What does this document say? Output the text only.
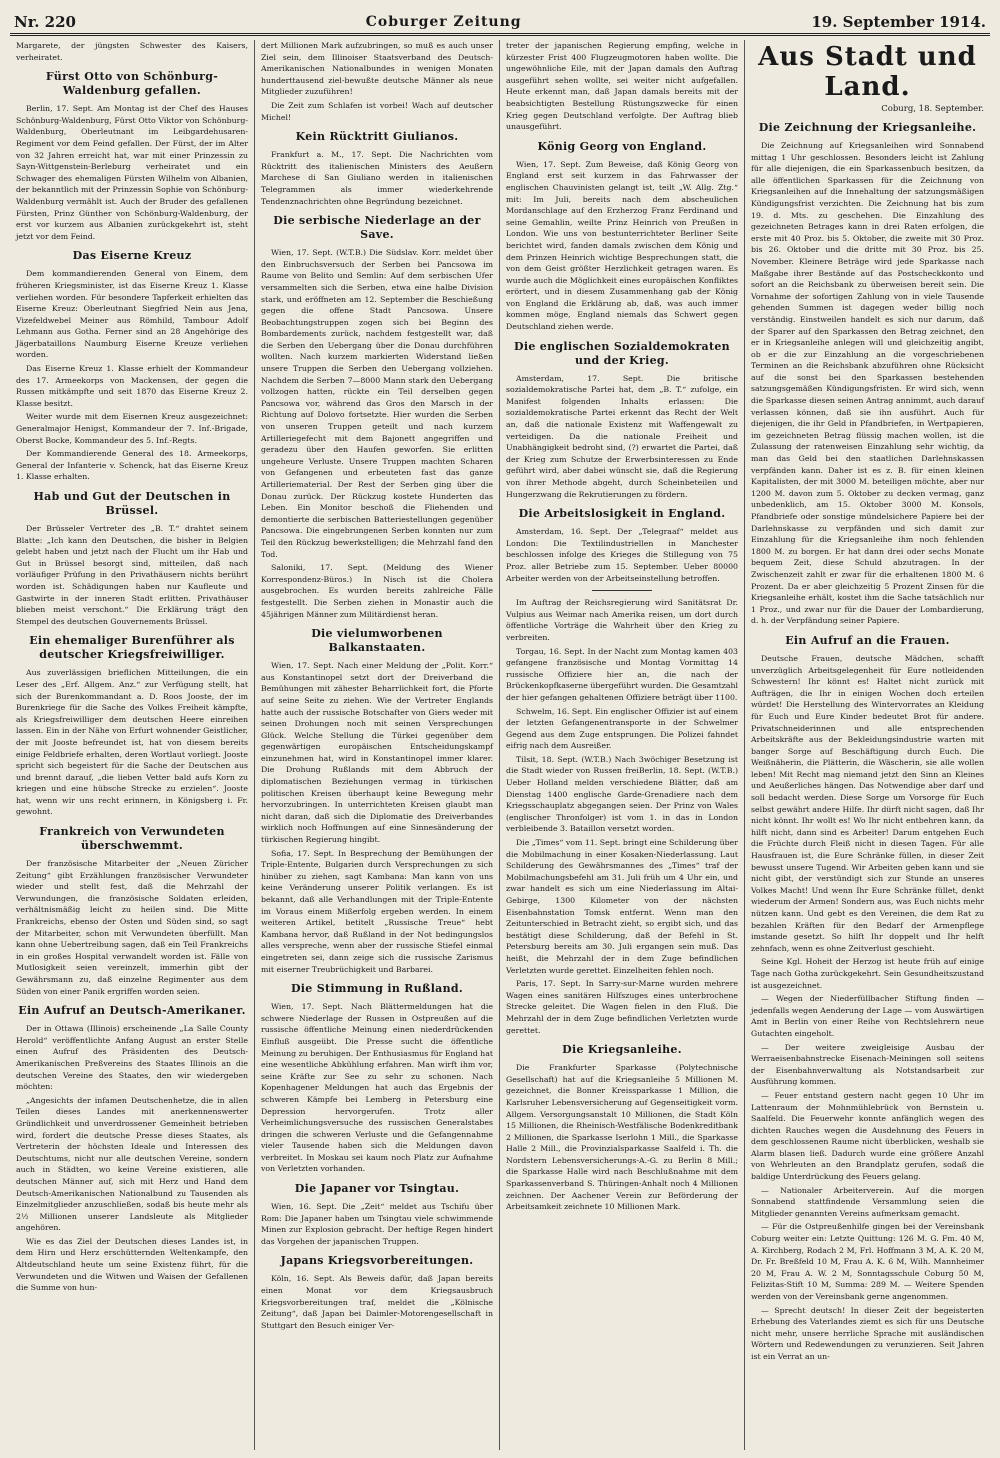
Nr. 220	Coburger Zeitung	19. September 1914.

Margarete, der jüngsten Schwester des Kaisers, verheiratet.

Fürst Otto von Schönburg-Waldenburg gefallen.

Berlin, 17. Sept. Am Montag ist der Chef des Hauses Schönburg-Waldenburg, Fürst Otto Viktor von Schönburg-Waldenburg, Oberleutnant im Leibgardehusaren-Regiment vor dem Feind gefallen. Der Fürst, der im Alter von 32 Jahren erreicht hat, war mit einer Prinzessin zu Sayn-Wittgenstein-Berleburg verheiratet und ein Schwager des ehemaligen Fürsten Wilhelm von Albanien, der bekanntlich mit der Prinzessin Sophie von Schönburg-Waldenburg vermählt ist. Auch der Bruder des gefallenen Fürsten, Prinz Günther von Schönburg-Waldenburg, der erst vor kurzem aus Albanien zurückgekehrt ist, steht jetzt vor dem Feind.

Das Eiserne Kreuz

Dem kommandierenden General von Einem, dem früheren Kriegsminister, ist das Eiserne Kreuz 1. Klasse verliehen worden. Für besondere Tapferkeit erhielten das Eiserne Kreuz: Oberleutnant Siegfried Nein aus Jena, Vizefeldwebel Meiner aus Römhild, Tambour Adolf Lehmann aus Gotha. Ferner sind an 28 Angehörige des Jägerbataillons Naumburg Eiserne Kreuze verliehen worden.

Das Eiserne Kreuz 1. Klasse erhielt der Kommandeur des 17. Armeekorps von Mackensen, der gegen die Russen mitkämpfte und seit 1870 das Eiserne Kreuz 2. Klasse besitzt.

Weiter wurde mit dem Eisernen Kreuz ausgezeichnet: Generalmajor Henigst, Kommandeur der 7. Inf.-Brigade, Oberst Bocke, Kommandeur des 5. Inf.-Regts.

Der Kommandierende General des 18. Armeekorps, General der Infanterie v. Schenck, hat das Eiserne Kreuz 1. Klasse erhalten.

Hab und Gut der Deutschen in Brüssel.

Der Brüsseler Vertreter des „B. T.“ drahtet seinem Blatte: „Ich kann den Deutschen, die bisher in Belgien gelebt haben und jetzt nach der Flucht um ihr Hab und Gut in Brüssel besorgt sind, mitteilen, daß nach vorläufiger Prüfung in den Privathäusern nichts berührt worden ist. Schädigungen haben nur Kaufleute und Gastwirte in der inneren Stadt erlitten. Privathäuser blieben meist verschont.“ Die Erklärung trägt den Stempel des deutschen Gouvernements Brüssel.

Ein ehemaliger Burenführer als deutscher Kriegsfreiwilliger.

Aus zuverlässigen brieflichen Mitteilungen, die ein Leser des „Erf. Allgem. Anz.“ zur Verfügung stellt, hat sich der Burenkommandant a. D. Roos Jooste, der im Burenkriege für die Sache des Volkes Freiheit kämpfte, als Kriegsfreiwilliger dem deutschen Heere einreihen lassen. Ein in der Nähe von Erfurt wohnender Geistlicher, der mit Jooste befreundet ist, hat von diesem bereits einige Feldbriefe erhalten, deren Wortlaut vorliegt. Jooste spricht sich begeistert für die Sache der Deutschen aus und brennt darauf, „die lieben Vetter bald aufs Korn zu kriegen und eine hübsche Strecke zu erzielen“. Jooste hat, wenn wir uns recht erinnern, in Königsberg i. Fr. gewohnt.

Frankreich von Verwundeten überschwemmt.

Der französische Mitarbeiter der „Neuen Züricher Zeitung“ gibt Erzählungen französischer Verwundeter wieder und stellt fest, daß die Mehrzahl der Verwundungen, die französische Soldaten erleiden, verhältnismäßig leicht zu heilen sind. Die Mitte Frankreichs, ebenso der Osten und Süden sind, so sagt der Mitarbeiter, schon mit Verwundeten überfüllt. Man kann ohne Uebertreibung sagen, daß ein Teil Frankreichs in ein großes Hospital verwandelt worden ist. Fälle von Mutlosigkeit seien vereinzelt, immerhin gibt der Gewährsmann zu, daß einzelne Regimenter aus dem Süden von einer Panik ergriffen worden seien.

Ein Aufruf an Deutsch-Amerikaner.

Der in Ottawa (Illinois) erscheinende „La Salle County Herold“ veröffentlichte Anfang August an erster Stelle einen Aufruf des Präsidenten des Deutsch-Amerikanischen Preßvereins des Staates Illinois an die deutschen Vereine des Staates, den wir wiedergeben möchten:

„Angesichts der infamen Deutschenhetze, die in allen Teilen dieses Landes mit anerkennenswerter Gründlichkeit und unverdrossener Gemeinheit betrieben wird, fordert die deutsche Presse dieses Staates, als Vertreterin der höchsten Ideale und Interessen des Deutschtums, nicht nur alle deutschen Vereine, sondern auch in Städten, wo keine Vereine existieren, alle deutschen Männer auf, sich mit Herz und Hand dem Deutsch-Amerikanischen Nationalbund zu Tausenden als Einzelmitglieder anzuschließen, sodaß bis heute mehr als 2½ Millionen unserer Landsleute als Mitglieder angehören.

Wie es das Ziel der Deutschen dieses Landes ist, in dem Hirn und Herz erschütternden Weltenkampfe, den Altdeutschland heute um seine Existenz führt, für die Verwundeten und die Witwen und Waisen der Gefallenen die Summe von hun-

dert Millionen Mark aufzubringen, so muß es auch unser Ziel sein, dem Illinoiser Staatsverband des Deutsch-Amerikanischen Nationalbundes in wenigen Monaten hunderttausend ziel-bewußte deutsche Männer als neue Mitglieder zuzuführen!

Die Zeit zum Schlafen ist vorbei! Wach auf deutscher Michel!

Kein Rücktritt Giulianos.

Frankfurt a. M., 17. Sept. Die Nachrichten vom Rücktritt des italienischen Ministers des Aeußern Marchese di San Giuliano werden in italienischen Telegrammen als immer wiederkehrende Tendenznachrichten ohne Begründung bezeichnet.

Die serbische Niederlage an der Save.

Wien, 17. Sept. (W.T.B.) Die Südslav. Korr. meldet über den Einbruchsversuch der Serben bei Pancsowa im Raume von Belito und Semlin: Auf dem serbischen Ufer versammelten sich die Serben, etwa eine halbe Division stark, und eröffneten am 12. September die Beschießung gegen die offene Stadt Pancsowa. Unsere Beobachtungstruppen zogen sich bei Beginn des Bombardements zurück, nachdem festgestellt war, daß die Serben den Uebergang über die Donau durchführen wollten. Nach kurzem markierten Widerstand ließen unsere Truppen die Serben den Uebergang vollziehen. Nachdem die Serben 7—8000 Mann stark den Uebergang vollzogen hatten, rückte ein Teil derselben gegen Pancsowa vor, während das Gros den Marsch in der Richtung auf Dolovo fortsetzte. Hier wurden die Serben von unseren Truppen geteilt und nach kurzem Artilleriegefecht mit dem Bajonett angegriffen und geradezu über den Haufen geworfen. Sie erlitten ungeheure Verluste. Unsere Truppen machten Scharen von Gefangenen und erbeuteten fast das ganze Artilleriematerial. Der Rest der Serben ging über die Donau zurück. Der Rückzug kostete Hunderten das Leben. Ein Monitor beschoß die Fliehenden und demontierte die serbischen Batteriestellungen gegenüber Pancsowa. Die eingebrungenen Serben konnten nur zum Teil den Rückzug bewerkstelligen; die Mehrzahl fand den Tod.

Saloniki, 17. Sept. (Meldung des Wiener Korrespondenz-Büros.) In Nisch ist die Cholera ausgebrochen. Es wurden bereits zahlreiche Fälle festgestellt. Die Serben ziehen in Monastir auch die 45jährigen Männer zum Militärdienst heran.

Die vielumworbenen Balkanstaaten.

Wien, 17. Sept. Nach einer Meldung der „Polit. Korr.“ aus Konstantinopel setzt dort der Dreiverband die Bemühungen mit zähester Beharrlichkeit fort, die Pforte auf seine Seite zu ziehen. Wie der Vertreter Englands hatte auch der russische Botschafter von Giers weder mit seinen Drohungen noch mit seinen Versprechungen Glück. Welche Stellung die Türkei gegenüber dem gegenwärtigen europäischen Entscheidungskampf einzunehmen hat, wird in Konstantinopel immer klarer. Die Drohung Rußlands mit dem Abbruch der diplomatischen Beziehungen vermag in türkischen politischen Kreisen überhaupt keine Bewegung mehr hervorzubringen. In unterrichteten Kreisen glaubt man nicht daran, daß sich die Diplomatie des Dreiverbandes wirklich noch Hoffnungen auf eine Sinnesänderung der türkischen Regierung hingibt.

Sofia, 17. Sept. In Besprechung der Bemühungen der Triple-Entente, Bulgarien durch Versprechungen zu sich hinüber zu ziehen, sagt Kambana: Man kann von uns keine Veränderung unserer Politik verlangen. Es ist bekannt, daß alle Verhandlungen mit der Triple-Entente im Voraus einem Mißerfolg ergeben werden. In einem weiteren Artikel, betitelt „Russische Treue“ hebt Kambana hervor, daß Rußland in der Not bedingungslos alles verspreche, wenn aber der russische Stiefel einmal eingetreten sei, dann zeige sich die russische Zarismus mit eiserner Treubrüchigkeit und Barbarei.

Die Stimmung in Rußland.

Wien, 17. Sept. Nach Blättermeldungen hat die schwere Niederlage der Russen in Ostpreußen auf die russische öffentliche Meinung einen niederdrückenden Einfluß ausgeübt. Die Presse sucht die öffentliche Meinung zu beruhigen. Der Enthusiasmus für England hat eine wesentliche Abkühlung erfahren. Man wirft ihm vor, seine Kräfte zur See zu sehr zu schonen. Nach Kopenhagener Meldungen hat auch das Ergebnis der schweren Kämpfe bei Lemberg in Petersburg eine Depression hervorgerufen. Trotz aller Verheimlichungsversuche des russischen Generalstabes dringen die schweren Verluste und die Gefangennahme vieler Tausende haben sich die Meldungen davon verbreitet. In Moskau sei kaum noch Platz zur Aufnahme von Verletzten vorhanden.

Die Japaner vor Tsingtau.

Wien, 16. Sept. Die „Zeit“ meldet aus Tschifu über Rom: Die Japaner haben um Tsingtau viele schwimmende Minen zur Explosion gebracht. Der heftige Regen hindert das Vorgehen der japanischen Truppen.

Japans Kriegsvorbereitungen.

Köln, 16. Sept. Als Beweis dafür, daß Japan bereits einen Monat vor dem Kriegsausbruch Kriegsvorbereitungen traf, meldet die „Kölnische Zeitung“, daß Japan bei Daimler-Motorengesellschaft in Stuttgart den Besuch einiger Ver-

treter der japanischen Regierung empfing, welche in kürzester Frist 400 Flugzeugmotoren haben wollte. Die ungewöhnliche Eile, mit der Japan damals den Auftrag ausgeführt sehen wollte, sei weiter nicht aufgefallen. Heute erkennt man, daß Japan damals bereits mit der beabsichtigten Bestellung Rüstungszwecke für einen Krieg gegen Deutschland verfolgte. Der Auftrag blieb unausgeführt.

König Georg von England.

Wien, 17. Sept. Zum Beweise, daß König Georg von England erst seit kurzem in das Fahrwasser der englischen Chauvinisten gelangt ist, teilt „W. Allg. Ztg.“ mit: Im Juli, bereits nach dem abscheulichen Mordanschlage auf den Erzherzog Franz Ferdinand und seine Gemahlin, weilte Prinz Heinrich von Preußen in London. Wie uns von bestunterrichteter Berliner Seite berichtet wird, fanden damals zwischen dem König und dem Prinzen Heinrich wichtige Besprechungen statt, die von dem Geist größter Herzlichkeit getragen waren. Es wurde auch die Möglichkeit eines europäischen Konfliktes erörtert, und in diesem Zusammenhang gab der König von England die Erklärung ab, daß, was auch immer kommen möge, England niemals das Schwert gegen Deutschland ziehen werde.

Die englischen Sozialdemokraten und der Krieg.

Amsterdam, 17. Sept. Die britische sozialdemokratische Partei hat, dem „B. T.“ zufolge, ein Manifest folgenden Inhalts erlassen: Die sozialdemokratische Partei erkennt das Recht der Welt an, daß die nationale Existenz mit Waffengewalt zu verteidigen. Da die nationale Freiheit und Unabhängigkeit bedroht sind, (?) erwartet die Partei, daß der Krieg zum Schutze der Erwerbsinteressen zu Ende geführt wird, aber dabei wünscht sie, daß die Regierung von ihrer Methode abgeht, durch Scheinbeteilen und Hungerzwang die Rekrutierungen zu fördern.

Die Arbeitslosigkeit in England.

Amsterdam, 16. Sept. Der „Telegraaf“ meldet aus London: Die Textilindustriellen in Manchester beschlossen infolge des Krieges die Stillegung von 75 Proz. aller Betriebe zum 15. September. Ueber 80000 Arbeiter werden von der Arbeitseinstellung betroffen.

Im Auftrag der Reichsregierung wird Sanitätsrat Dr. Vulpius aus Weimar nach Amerika reisen, um dort durch öffentliche Vorträge die Wahrheit über den Krieg zu verbreiten.

Torgau, 16. Sept. In der Nacht zum Montag kamen 403 gefangene französische und Montag Vormittag 14 russische Offiziere hier an, die nach der Brückenkopfkaserne übergeführt wurden. Die Gesamtzahl der hier gefangen gehaltenen Offiziere beträgt über 1100.

Schwelm, 16. Sept. Ein englischer Offizier ist auf einem der letzten Gefangenentransporte in der Schwelmer Gegend aus dem Zuge entsprungen. Die Polizei fahndet eifrig nach dem Ausreißer.

Tilsit, 18. Sept. (W.T.B.) Nach 3wöchiger Besetzung ist die Stadt wieder von Russen freiBerlin, 18. Sept. (W.T.B.) Ueber Holland melden verschiedene Blätter, daß am Dienstag 1400 englische Garde-Grenadiere nach dem Kriegsschauplatz abgegangen seien. Der Prinz von Wales (englischer Thronfolger) ist vom 1. in das in London verbleibende 3. Bataillon versetzt worden.

Die „Times“ vom 11. Sept. bringt eine Schilderung über die Mobilmachung in einer Kosaken-Niederlassung. Laut Schilderung des Gewährsmannes des „Times“ traf der Mobilmachungsbefehl am 31. Juli früh um 4 Uhr ein, und zwar handelt es sich um eine Niederlassung im Altai-Gebirge, 1300 Kilometer von der nächsten Eisenbahnstation Tomsk entfernt. Wenn man den Zeitunterschied in Betracht zieht, so ergibt sich, und das bestätigt diese Schilderung, daß der Befehl in St. Petersburg bereits am 30. Juli ergangen sein muß. Das heißt, die Mehrzahl der in dem Zuge befindlichen Verletzten wurde gerettet. Einzelheiten fehlen noch.

Paris, 17. Sept. In Sarry-sur-Marne wurden mehrere Wagen eines sanitären Hilfszuges eines unterbrochene Strecke geleitet. Die Wagen fielen in den Fluß. Die Mehrzahl der in dem Zuge befindlichen Verletzten wurde gerettet.

Die Kriegsanleihe.

Die Frankfurter Sparkasse (Polytechnische Gesellschaft) hat auf die Kriegsanleihe 5 Millionen M. gezeichnet, die Bonner Kreissparkasse 1 Million, die Karlsruher Lebensversicherung auf Gegenseitigkeit vorm. Allgem. Versorgungsanstalt 10 Millionen, die Stadt Köln 15 Millionen, die Rheinisch-Westfälische Bodenkreditbank 2 Millionen, die Sparkasse Iserlohn 1 Mill., die Sparkasse Halle 2 Mill., die Provinzialsparkasse Saalfeld i. Th. die Nordstern Lebensversicherungs-A.-G. zu Berlin 8 Mill.; die Sparkasse Halle wird nach Beschlußnahme mit dem Sparkassenverband S. Thüringen-Anhalt noch 4 Millionen zeichnen. Der Aachener Verein zur Beförderung der Arbeitsamkeit zeichnete 10 Millionen Mark.

Aus Stadt und Land.
Coburg, 18. September.
Die Zeichnung der Kriegsanleihe.

Die Zeichnung auf Kriegsanleihen wird Sonnabend mittag 1 Uhr geschlossen. Besonders leicht ist Zahlung für alle diejenigen, die ein Sparkassenbuch besitzen, da alle öffentlichen Sparkassen für die Zeichnung von Kriegsanleihen auf die Innehaltung der satzungsmäßigen Kündigungsfrist verzichten. Die Zeichnung hat bis zum 19. d. Mts. zu geschehen. Die Einzahlung des gezeichneten Betrages kann in drei Raten erfolgen, die erste mit 40 Proz. bis 5. Oktober, die zweite mit 30 Proz. bis 26. Oktober und die dritte mit 30 Proz. bis 25. November. Kleinere Beträge wird jede Sparkasse nach Maßgabe ihrer Bestände auf das Postscheckkonto und sofort an die Reichsbank zu überweisen bereit sein. Die Vornahme der sofortigen Zahlung von in viele Tausende gehenden Summen ist dagegen weder billig noch verständig. Einstweilen handelt es sich nur darum, daß der Sparer auf den Sparkassen den Betrag zeichnet, den er in Kriegsanleihe anlegen will und gleichzeitig angibt, ob er die zur Einzahlung an die vorgeschriebenen Terminen an die Reichsbank abzuführen ohne Rücksicht auf die sonst bei den Sparkassen bestehenden satzungsgemäßen Kündigungsfristen. Er wird sich, wenn die Sparkasse diesen seinen Antrag annimmt, auch darauf verlassen können, daß sie ihn ausführt. Auch für diejenigen, die ihr Geld in Pfandbriefen, in Wertpapieren, im gezeichneten Betrag flüssig machen wollen, ist die Zulassung der ratenweisen Einzahlung sehr wichtig, da man das Geld bei den staatlichen Darlehnskassen verpfänden kann. Daher ist es z. B. für einen kleinen Kapitalisten, der mit 3000 M. beteiligen möchte, aber nur 1200 M. davon zum 5. Oktober zu decken vermag, ganz unbedenklich, am 15. Oktober 3000 M. Konsols, Pfandbriefe oder sonstige mündelsichere Papiere bei der Darlehnskasse zu verpfänden und sich damit zur Einzahlung für die Kriegsanleihe ihm noch fehlenden 1800 M. zu borgen. Er hat dann drei oder sechs Monate bequem Zeit, diese Schuld abzutragen. In der Zwischenzeit zahlt er zwar für die erhaltenen 1800 M. 6 Prozent. Da er aber gleichzeitig 5 Prozent Zinsen für die Kriegsanleihe erhält, kostet ihm die Sache tatsächlich nur 1 Proz., und zwar nur für die Dauer der Lombardierung, d. h. der Verpfändung seiner Papiere.

Ein Aufruf an die Frauen.

Deutsche Frauen, deutsche Mädchen, schafft unverzüglich Arbeitsgelegenheit für Eure notleidenden Schwestern! Ihr könnt es! Haltet nicht zurück mit Aufträgen, die Ihr in einigen Wochen doch erteilen würdet! Die Herstellung des Wintervorrates an Kleidung für Euch und Eure Kinder bedeutet Brot für andere. Privatschneiderinnen und alle entsprechenden Arbeitskräfte aus der Bekleidungsindustrie warten mit banger Sorge auf Beschäftigung durch Euch. Die Weißnäherin, die Plätterin, die Wäscherin, sie alle wollen leben! Mit Recht mag niemand jetzt den Sinn an Kleines und Aeußerliches hängen. Das Notwendige aber darf und soll bedacht werden. Diese Sorge um Vorsorge für Euch selbst gewährt andere Hilfe. Ihr dürft nicht sagen, daß Ihr nicht könnt. Ihr wollt es! Wo Ihr nicht entbehren kann, da hilft nicht, dann sind es Arbeiter! Darum entgehen Euch die Früchte durch Fleiß nicht in diesen Tagen. Für alle Hausfrauen ist, die Eure Schränke füllen, in dieser Zeit bewusst unsere Tugend. Wir Arbeiten geben kann und sie nicht gibt, der verstündigt sich zur Stunde an unseres Volkes Macht! Und wenn Ihr Eure Schränke füllet, denkt wiederum der Armen! Sondern aus, was Euch nichts mehr nützen kann. Und gebt es den Vereinen, die dem Rat zu bezahlen Kräften für den Bedarf der Armenpflege imstande gesetzt. So hilft Ihr doppelt und Ihr helft zehnfach, wenn es ohne Zeitverlust geschieht.

Seine Kgl. Hoheit der Herzog ist heute früh auf einige Tage nach Gotha zurückgekehrt. Sein Gesundheitszustand ist ausgezeichnet.

— Wegen der Niederfüllbacher Stiftung finden — jedenfalls wegen Aenderung der Lage — vom Auswärtigen Amt in Berlin von einer Reihe von Rechtslehrern neue Gutachten eingeholt.

— Der weitere zweigleisige Ausbau der Werraeisenbahnstrecke Eisenach-Meiningen soll seitens der Eisenbahnverwaltung als Notstandsarbeit zur Ausführung kommen.

— Feuer entstand gestern nacht gegen 10 Uhr im Lattenraum der Mohnmühlebrück von Bernstein u. Saalfeld. Die Feuerwehr konnte anfänglich wegen des dichten Rauches wegen die Ausdehnung des Feuers in dem geschlossenen Raume nicht überblicken, weshalb sie Alarm blasen ließ. Dadurch wurde eine größere Anzahl von Wehrleuten an den Brandplatz gerufen, sodaß die baldige Unterdrückung des Feuers gelang.

— Nationaler Arbeiterverein. Auf die morgen Sonnabend stattfindende Versammlung seien die Mitglieder genannten Vereins aufmerksam gemacht.

— Für die Ostpreußenhilfe gingen bei der Vereinsbank Coburg weiter ein: Letzte Quittung: 126 M. G. Fm. 40 M, A. Kirchberg, Rodach 2 M, Frl. Hoffmann 3 M, A. K. 20 M, Dr. Fr. Breßfeld 10 M, Frau A. K. 6 M, Wilh. Mannheimer 20 M, Frau A. W. 2 M, Sonntagsschule Coburg 50 M, Felizitas-Stift 10 M, Summa: 289 M. — Weitere Spenden werden von der Vereinsbank gerne angenommen.

— Sprecht deutsch! In dieser Zeit der begeisterten Erhebung des Vaterlandes ziemt es sich für uns Deutsche nicht mehr, unsere herrliche Sprache mit ausländischen Wörtern und Redewendungen zu verunzieren. Seit Jahren ist ein Verrat an un-
